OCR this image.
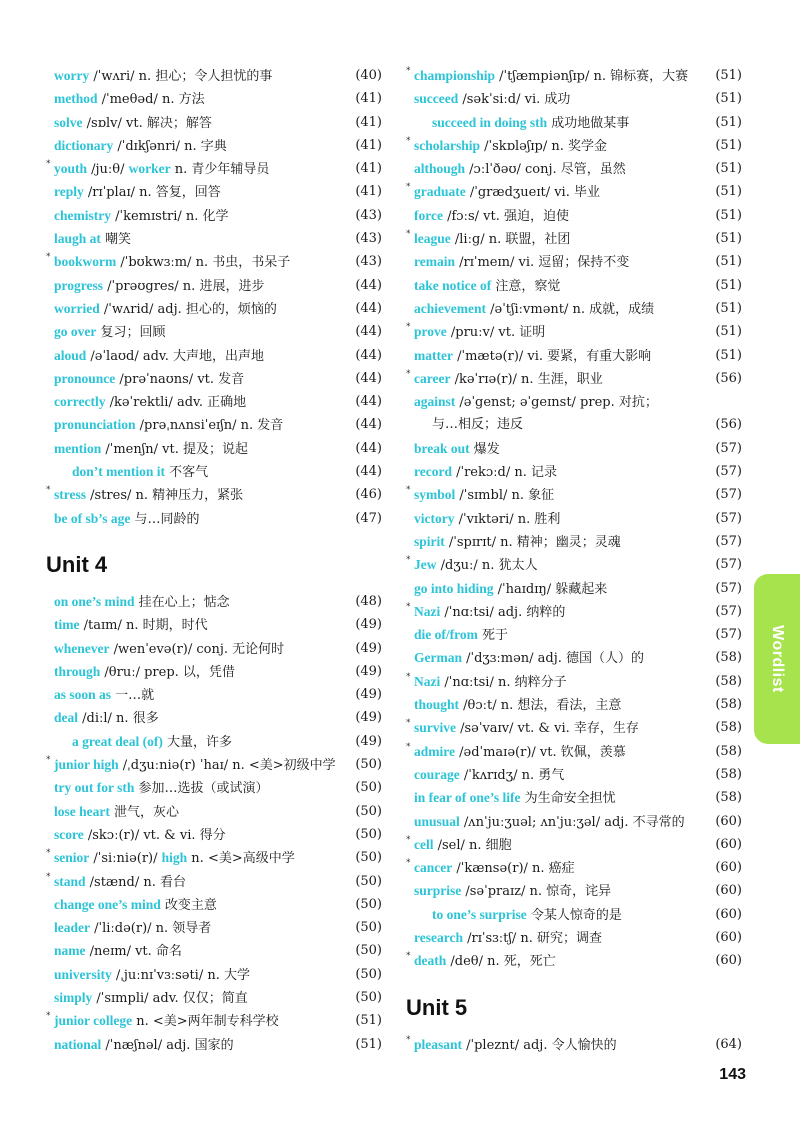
worry /ˈwʌri/ n. 担心；令人担忧的事	(40)
method /ˈmeθəd/ n. 方法	(41)
solve /sɒlv/ vt. 解决；解答	(41)
dictionary /ˈdɪkʃənri/ n. 字典	(41)
* youth /juːθ/ worker n. 青少年辅导员	(41)
reply /rɪˈplaɪ/ n. 答复，回答	(41)
chemistry /ˈkemɪstri/ n. 化学	(43)
laugh at 嘲笑	(43)
* bookworm /ˈbʊkwɜːm/ n. 书虫，书呆子	(43)
progress /ˈprəʊgres/ n. 进展，进步	(44)
worried /ˈwʌrid/ adj. 担心的，烦恼的	(44)
go over 复习；回顾	(44)
aloud /əˈlaʊd/ adv. 大声地，出声地	(44)
pronounce /prəˈnaʊns/ vt. 发音	(44)
correctly /kəˈrektli/ adv. 正确地	(44)
pronunciation /prəˌnʌnsiˈeɪʃn/ n. 发音	(44)
mention /ˈmenʃn/ vt. 提及；说起	(44)
don’t mention it 不客气	(44)
* stress /stres/ n. 精神压力，紧张	(46)
be of sb’s age 与…同龄的	(47)
Unit 4
on one’s mind 挂在心上；惦念	(48)
time /taɪm/ n. 时期，时代	(49)
whenever /wenˈevə(r)/ conj. 无论何时	(49)
through /θruː/ prep. 以，凭借	(49)
as soon as 一…就	(49)
deal /diːl/ n. 很多	(49)
a great deal (of) 大量，许多	(49)
* junior high /ˌdʒuːniə(r) ˈhaɪ/ n. <美>初级中学 (50)
try out for sth 参加…选拔（或试演）	(50)
lose heart 泄气，灰心	(50)
score /skɔː(r)/ vt. & vi. 得分	(50)
* senior /ˈsiːniə(r)/ high n. <美>高级中学	(50)
* stand /stænd/ n. 看台	(50)
change one’s mind 改变主意	(50)
leader /ˈliːdə(r)/ n. 领导者	(50)
name /neɪm/ vt. 命名	(50)
university /ˌjuːnɪˈvɜːsəti/ n. 大学	(50)
simply /ˈsɪmpli/ adv. 仅仅；简直	(50)
* junior college n. <美>两年制专科学校	(51)
national /ˈnæʃnəl/ adj. 国家的	(51)
* championship /ˈtʃæmpiənʃɪp/ n. 锦标赛，大赛 (51)
succeed /səkˈsiːd/ vi. 成功	(51)
succeed in doing sth 成功地做某事	(51)
* scholarship /ˈskɒləʃɪp/ n. 奖学金	(51)
although /ɔːlˈðəʊ/ conj. 尽管，虽然	(51)
* graduate /ˈgrædʒueɪt/ vi. 毕业	(51)
force /fɔːs/ vt. 强迫，迫使	(51)
* league /liːg/ n. 联盟，社团	(51)
remain /rɪˈmeɪn/ vi. 逗留；保持不变	(51)
take notice of 注意，察觉	(51)
achievement /əˈtʃiːvmənt/ n. 成就，成绩	(51)
* prove /pruːv/ vt. 证明	(51)
matter /ˈmætə(r)/ vi. 要紧，有重大影响	(51)
* career /kəˈrɪə(r)/ n. 生涯，职业	(56)
against /əˈgenst; əˈgeɪnst/ prep. 对抗；
与…相反；违反	(56)
break out 爆发	(57)
record /ˈrekɔːd/ n. 记录	(57)
* symbol /ˈsɪmbl/ n. 象征	(57)
victory /ˈvɪktəri/ n. 胜利	(57)
spirit /ˈspɪrɪt/ n. 精神；幽灵；灵魂	(57)
* Jew /dʒuː/ n. 犹太人	(57)
go into hiding /ˈhaɪdɪŋ/ 躲藏起来	(57)
* Nazi /ˈnɑːtsi/ adj. 纳粹的	(57)
die of/from 死于	(57)
German /ˈdʒɜːmən/ adj. 德国（人）的	(58)
* Nazi /ˈnɑːtsi/ n. 纳粹分子	(58)
thought /θɔːt/ n. 想法，看法，主意	(58)
* survive /səˈvaɪv/ vt. & vi. 幸存，生存	(58)
* admire /ədˈmaɪə(r)/ vt. 钦佩，羡慕	(58)
courage /ˈkʌrɪdʒ/ n. 勇气	(58)
in fear of one’s life 为生命安全担忧	(58)
unusual /ʌnˈjuːʒuəl; ʌnˈjuːʒəl/ adj. 不寻常的 (60)
* cell /sel/ n. 细胞	(60)
* cancer /ˈkænsə(r)/ n. 癌症	(60)
surprise /səˈpraɪz/ n. 惊奇，诧异	(60)
to one’s surprise 令某人惊奇的是	(60)
research /rɪˈsɜːtʃ/ n. 研究；调查	(60)
* death /deθ/ n. 死，死亡	(60)
Unit 5
* pleasant /ˈpleznt/ adj. 令人愉快的	(64)
Wordlist
143
